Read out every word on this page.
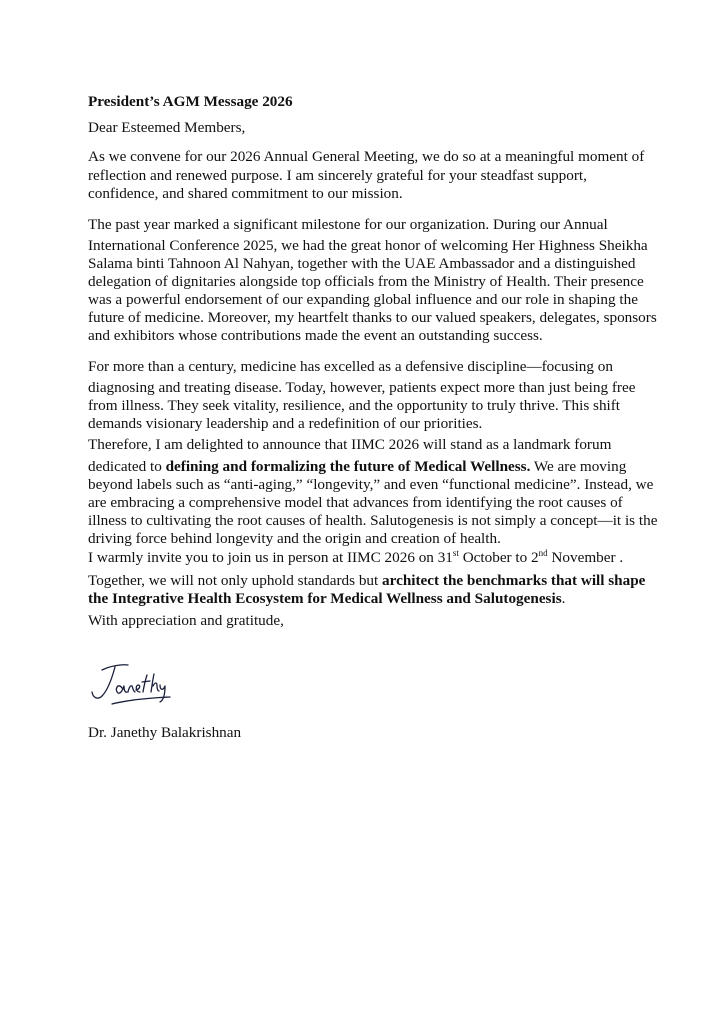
President’s AGM Message 2026
Dear Esteemed Members,
As we convene for our 2026 Annual General Meeting, we do so at a meaningful moment of
reflection and renewed purpose. I am sincerely grateful for your steadfast support,
confidence, and shared commitment to our mission.
The past year marked a significant milestone for our organization. During our Annual
International Conference 2025, we had the great honor of welcoming Her Highness Sheikha
Salama binti Tahnoon Al Nahyan, together with the UAE Ambassador and a distinguished
delegation of dignitaries alongside top officials from the Ministry of Health. Their presence
was a powerful endorsement of our expanding global influence and our role in shaping the
future of medicine. Moreover, my heartfelt thanks to our valued speakers, delegates, sponsors
and exhibitors whose contributions made the event an outstanding success.
For more than a century, medicine has excelled as a defensive discipline—focusing on
diagnosing and treating disease. Today, however, patients expect more than just being free
from illness. They seek vitality, resilience, and the opportunity to truly thrive. This shift
demands visionary leadership and a redefinition of our priorities.
Therefore, I am delighted to announce that IIMC 2026 will stand as a landmark forum
dedicated to defining and formalizing the future of Medical Wellness. We are moving
beyond labels such as “anti-aging,” “longevity,” and even “functional medicine”. Instead, we
are embracing a comprehensive model that advances from identifying the root causes of
illness to cultivating the root causes of health. Salutogenesis is not simply a concept—it is the
driving force behind longevity and the origin and creation of health.
I warmly invite you to join us in person at IIMC 2026 on 31st October to 2nd November .
Together, we will not only uphold standards but architect the benchmarks that will shape
the Integrative Health Ecosystem for Medical Wellness and Salutogenesis.
With appreciation and gratitude,
Dr. Janethy Balakrishnan
